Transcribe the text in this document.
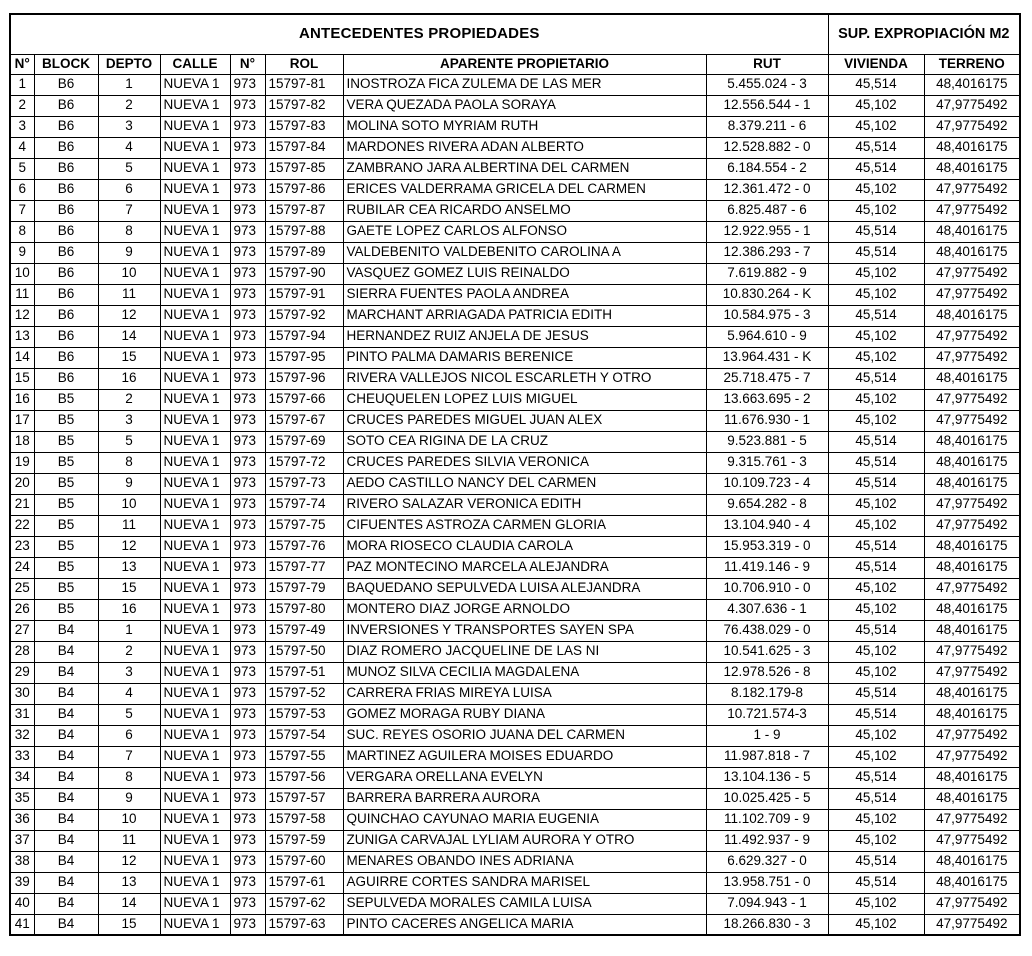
ANTECEDENTES PROPIEDADES								SUP. EXPROPIACIÓN M2	
N°	BLOCK	DEPTO	CALLE	N°	ROL	APARENTE PROPIETARIO	RUT	VIVIENDA	TERRENO
1	B6	1	NUEVA 1	973	15797-81	INOSTROZA FICA ZULEMA DE LAS MER	5.455.024 - 3	45,514	48,4016175
2	B6	2	NUEVA 1	973	15797-82	VERA QUEZADA PAOLA SORAYA	12.556.544 - 1	45,102	47,9775492
3	B6	3	NUEVA 1	973	15797-83	MOLINA SOTO MYRIAM RUTH	8.379.211 - 6	45,102	47,9775492
4	B6	4	NUEVA 1	973	15797-84	MARDONES RIVERA ADAN ALBERTO	12.528.882 - 0	45,514	48,4016175
5	B6	5	NUEVA 1	973	15797-85	ZAMBRANO JARA ALBERTINA DEL CARMEN	6.184.554 - 2	45,514	48,4016175
6	B6	6	NUEVA 1	973	15797-86	ERICES VALDERRAMA GRICELA DEL CARMEN	12.361.472 - 0	45,102	47,9775492
7	B6	7	NUEVA 1	973	15797-87	RUBILAR CEA RICARDO ANSELMO	6.825.487 - 6	45,102	47,9775492
8	B6	8	NUEVA 1	973	15797-88	GAETE LOPEZ CARLOS ALFONSO	12.922.955 - 1	45,514	48,4016175
9	B6	9	NUEVA 1	973	15797-89	VALDEBENITO VALDEBENITO CAROLINA A	12.386.293 - 7	45,514	48,4016175
10	B6	10	NUEVA 1	973	15797-90	VASQUEZ GOMEZ LUIS REINALDO	7.619.882 - 9	45,102	47,9775492
11	B6	11	NUEVA 1	973	15797-91	SIERRA FUENTES PAOLA ANDREA	10.830.264 - K	45,102	47,9775492
12	B6	12	NUEVA 1	973	15797-92	MARCHANT ARRIAGADA PATRICIA EDITH	10.584.975 - 3	45,514	48,4016175
13	B6	14	NUEVA 1	973	15797-94	HERNANDEZ RUIZ ANJELA DE JESUS	5.964.610 - 9	45,102	47,9775492
14	B6	15	NUEVA 1	973	15797-95	PINTO PALMA DAMARIS BERENICE	13.964.431 - K	45,102	47,9775492
15	B6	16	NUEVA 1	973	15797-96	RIVERA VALLEJOS NICOL ESCARLETH Y OTRO	25.718.475 - 7	45,514	48,4016175
16	B5	2	NUEVA 1	973	15797-66	CHEUQUELEN LOPEZ LUIS MIGUEL	13.663.695 - 2	45,102	47,9775492
17	B5	3	NUEVA 1	973	15797-67	CRUCES PAREDES MIGUEL JUAN ALEX	11.676.930 - 1	45,102	47,9775492
18	B5	5	NUEVA 1	973	15797-69	SOTO CEA RIGINA DE LA CRUZ	9.523.881 - 5	45,514	48,4016175
19	B5	8	NUEVA 1	973	15797-72	CRUCES PAREDES SILVIA VERONICA	9.315.761 - 3	45,514	48,4016175
20	B5	9	NUEVA 1	973	15797-73	AEDO CASTILLO NANCY DEL CARMEN	10.109.723 - 4	45,514	48,4016175
21	B5	10	NUEVA 1	973	15797-74	RIVERO SALAZAR VERONICA EDITH	9.654.282 - 8	45,102	47,9775492
22	B5	11	NUEVA 1	973	15797-75	CIFUENTES ASTROZA CARMEN GLORIA	13.104.940 - 4	45,102	47,9775492
23	B5	12	NUEVA 1	973	15797-76	MORA RIOSECO CLAUDIA CAROLA	15.953.319 - 0	45,514	48,4016175
24	B5	13	NUEVA 1	973	15797-77	PAZ MONTECINO MARCELA ALEJANDRA	11.419.146 - 9	45,514	48,4016175
25	B5	15	NUEVA 1	973	15797-79	BAQUEDANO SEPULVEDA LUISA ALEJANDRA	10.706.910 - 0	45,102	47,9775492
26	B5	16	NUEVA 1	973	15797-80	MONTERO DIAZ JORGE ARNOLDO	4.307.636 - 1	45,102	48,4016175
27	B4	1	NUEVA 1	973	15797-49	INVERSIONES Y TRANSPORTES SAYEN SPA	76.438.029 - 0	45,514	48,4016175
28	B4	2	NUEVA 1	973	15797-50	DIAZ ROMERO JACQUELINE DE LAS NI	10.541.625 - 3	45,102	47,9775492
29	B4	3	NUEVA 1	973	15797-51	MUNOZ SILVA CECILIA MAGDALENA	12.978.526 - 8	45,102	47,9775492
30	B4	4	NUEVA 1	973	15797-52	CARRERA FRIAS MIREYA LUISA	8.182.179-8	45,514	48,4016175
31	B4	5	NUEVA 1	973	15797-53	GOMEZ MORAGA RUBY DIANA	10.721.574-3	45,514	48,4016175
32	B4	6	NUEVA 1	973	15797-54	SUC. REYES OSORIO JUANA DEL CARMEN	1 - 9	45,102	47,9775492
33	B4	7	NUEVA 1	973	15797-55	MARTINEZ AGUILERA MOISES EDUARDO	11.987.818 - 7	45,102	47,9775492
34	B4	8	NUEVA 1	973	15797-56	VERGARA ORELLANA EVELYN	13.104.136 - 5	45,514	48,4016175
35	B4	9	NUEVA 1	973	15797-57	BARRERA BARRERA AURORA	10.025.425 - 5	45,514	48,4016175
36	B4	10	NUEVA 1	973	15797-58	QUINCHAO CAYUNAO MARIA EUGENIA	11.102.709 - 9	45,102	47,9775492
37	B4	11	NUEVA 1	973	15797-59	ZUNIGA CARVAJAL LYLIAM AURORA Y OTRO	11.492.937 - 9	45,102	47,9775492
38	B4	12	NUEVA 1	973	15797-60	MENARES OBANDO INES ADRIANA	6.629.327 - 0	45,514	48,4016175
39	B4	13	NUEVA 1	973	15797-61	AGUIRRE CORTES SANDRA MARISEL	13.958.751 - 0	45,514	48,4016175
40	B4	14	NUEVA 1	973	15797-62	SEPULVEDA MORALES CAMILA LUISA	7.094.943 - 1	45,102	47,9775492
41	B4	15	NUEVA 1	973	15797-63	PINTO CACERES ANGELICA MARIA	18.266.830 - 3	45,102	47,9775492
